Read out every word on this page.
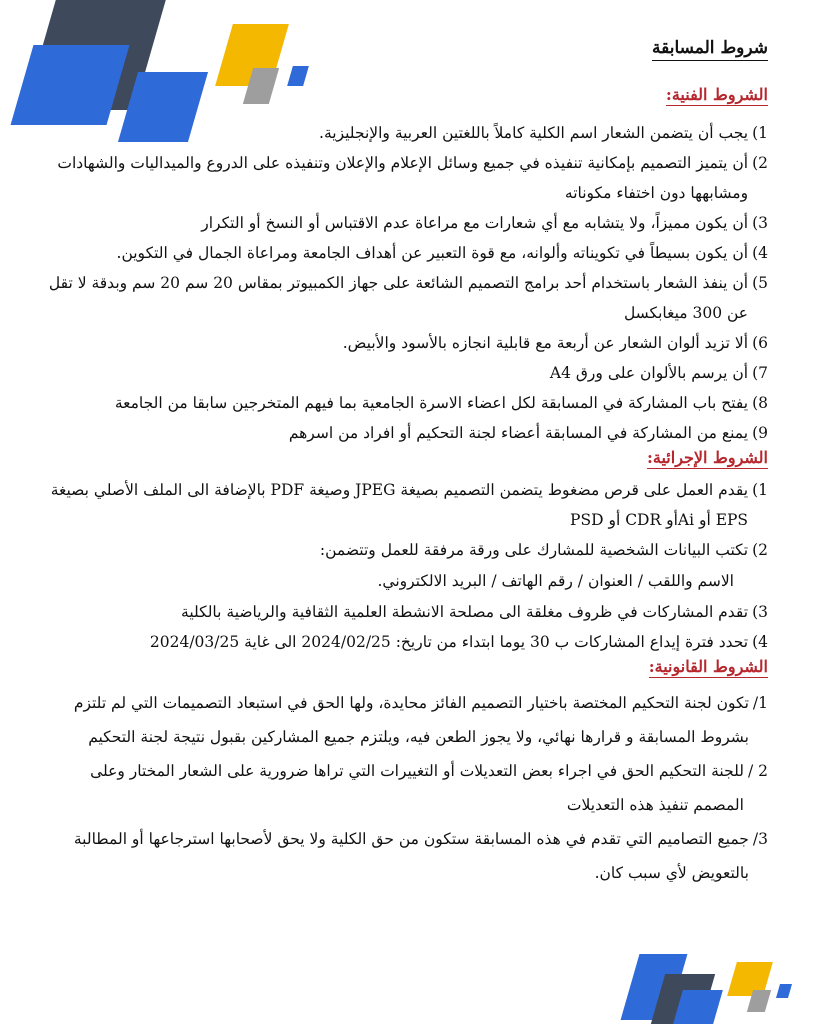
شروط المسابقة
الشروط الفنية:
1)
يجب أن يتضمن الشعار اسم الكلية كاملاً باللغتين العربية والإنجليزية.
2)
أن يتميز التصميم بإمكانية تنفيذه في جميع وسائل الإعلام والإعلان وتنفيذه على الدروع والميداليات والشهادات ومشابهها دون اختفاء مكوناته
3)
أن يكون مميزاً، ولا يتشابه مع أي شعارات مع مراعاة عدم الاقتباس أو النسخ أو التكرار
4)
أن يكون بسيطاً في تكويناته وألوانه، مع قوة التعبير عن أهداف الجامعة ومراعاة الجمال في التكوين.
5)
أن ينفذ الشعار باستخدام أحد برامج التصميم الشائعة على جهاز الكمبيوتر بمقاس 20 سم 20 سم وبدقة لا تقل عن 300 ميغابكسل
6)
ألا تزيد ألوان الشعار عن أربعة مع قابلية انجازه بالأسود والأبيض.
7)
أن يرسم بالألوان على ورق A4
8)
يفتح باب المشاركة في المسابقة لكل اعضاء الاسرة الجامعية بما فيهم المتخرجين سابقا من الجامعة
9)
يمنع من المشاركة في المسابقة أعضاء لجنة التحكيم أو افراد من اسرهم
الشروط الإجرائية:
1)
يقدم العمل على قرص مضغوط يتضمن التصميم بصيغة JPEG وصيغة PDF بالإضافة الى الملف الأصلي بصيغة EPS أو Aiأو CDR أو PSD
2)
تكتب البيانات الشخصية للمشارك على ورقة مرفقة للعمل وتتضمن:
الاسم واللقب / العنوان / رقم الهاتف / البريد الالكتروني.
3)
تقدم المشاركات في ظروف مغلقة الى مصلحة الانشطة العلمية الثقافية والرياضية بالكلية
4)
تحدد فترة إيداع المشاركات ب 30 يوما ابتداء من تاريخ: 2024/02/25 الى غاية 2024/03/25
الشروط القانونية:
1/
تكون لجنة التحكيم المختصة باختيار التصميم الفائز محايدة، ولها الحق في استبعاد التصميمات التي لم تلتزم بشروط المسابقة و قرارها نهائي، ولا يجوز الطعن فيه، ويلتزم جميع المشاركين بقبول نتيجة لجنة التحكيم
2 /
للجنة التحكيم الحق في اجراء بعض التعديلات أو التغييرات التي تراها ضرورية على الشعار المختار وعلى المصمم تنفيذ هذه التعديلات
3/
جميع التصاميم التي تقدم في هذه المسابقة ستكون من حق الكلية ولا يحق لأصحابها استرجاعها أو المطالبة بالتعويض لأي سبب كان.
